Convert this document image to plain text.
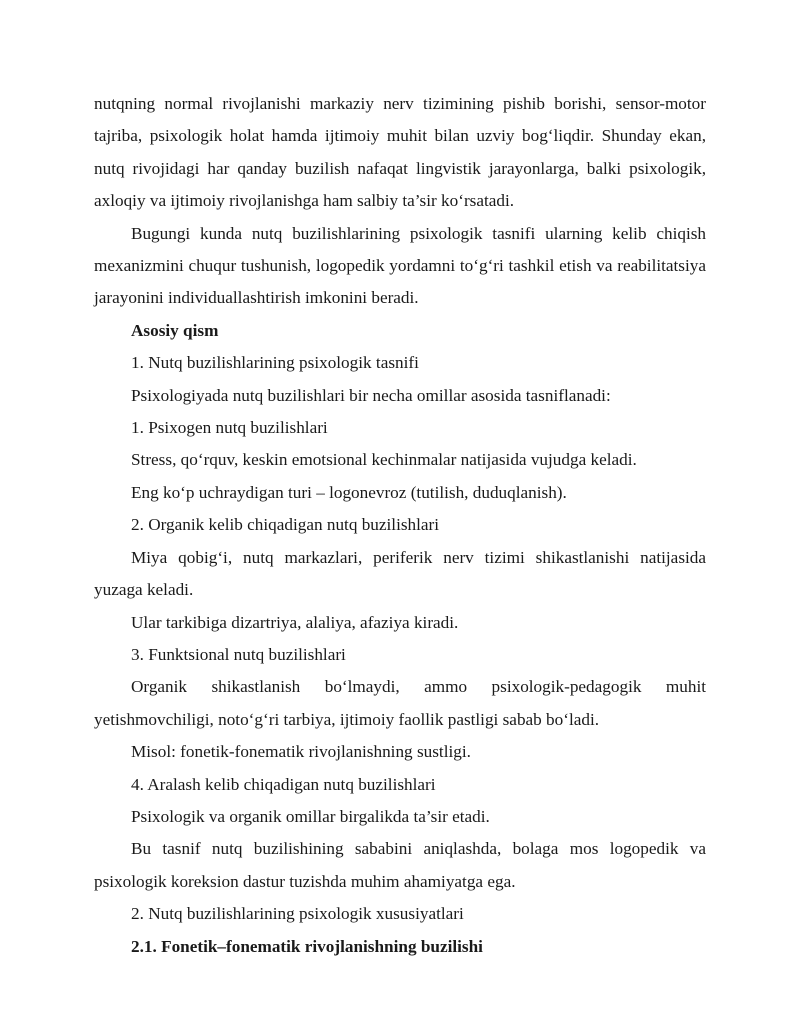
nutqning normal rivojlanishi markaziy nerv tizimining pishib borishi, sensor-motor tajriba, psixologik holat hamda ijtimoiy muhit bilan uzviy bog‘liqdir. Shunday ekan, nutq rivojidagi har qanday buzilish nafaqat lingvistik jarayonlarga, balki psixologik, axloqiy va ijtimoiy rivojlanishga ham salbiy ta’sir ko‘rsatadi.

Bugungi kunda nutq buzilishlarining psixologik tasnifi ularning kelib chiqish mexanizmini chuqur tushunish, logopedik yordamni to‘g‘ri tashkil etish va reabilitatsiya jarayonini individuallashtirish imkonini beradi.

Asosiy qism

1. Nutq buzilishlarining psixologik tasnifi

Psixologiyada nutq buzilishlari bir necha omillar asosida tasniflanadi:

1. Psixogen nutq buzilishlari

Stress, qo‘rquv, keskin emotsional kechinmalar natijasida vujudga keladi.

Eng ko‘p uchraydigan turi – logonevroz (tutilish, duduqlanish).

2. Organik kelib chiqadigan nutq buzilishlari

Miya qobig‘i, nutq markazlari, periferik nerv tizimi shikastlanishi natijasida yuzaga keladi.

Ular tarkibiga dizartriya, alaliya, afaziya kiradi.

3. Funktsional nutq buzilishlari

Organik shikastlanish bo‘lmaydi, ammo psixologik-pedagogik muhit yetishmovchiligi, noto‘g‘ri tarbiya, ijtimoiy faollik pastligi sabab bo‘ladi.

Misol: fonetik-fonematik rivojlanishning sustligi.

4. Aralash kelib chiqadigan nutq buzilishlari

Psixologik va organik omillar birgalikda ta’sir etadi.

Bu tasnif nutq buzilishining sababini aniqlashda, bolaga mos logopedik va psixologik koreksion dastur tuzishda muhim ahamiyatga ega.

2. Nutq buzilishlarining psixologik xususiyatlari

2.1. Fonetik–fonematik rivojlanishning buzilishi
